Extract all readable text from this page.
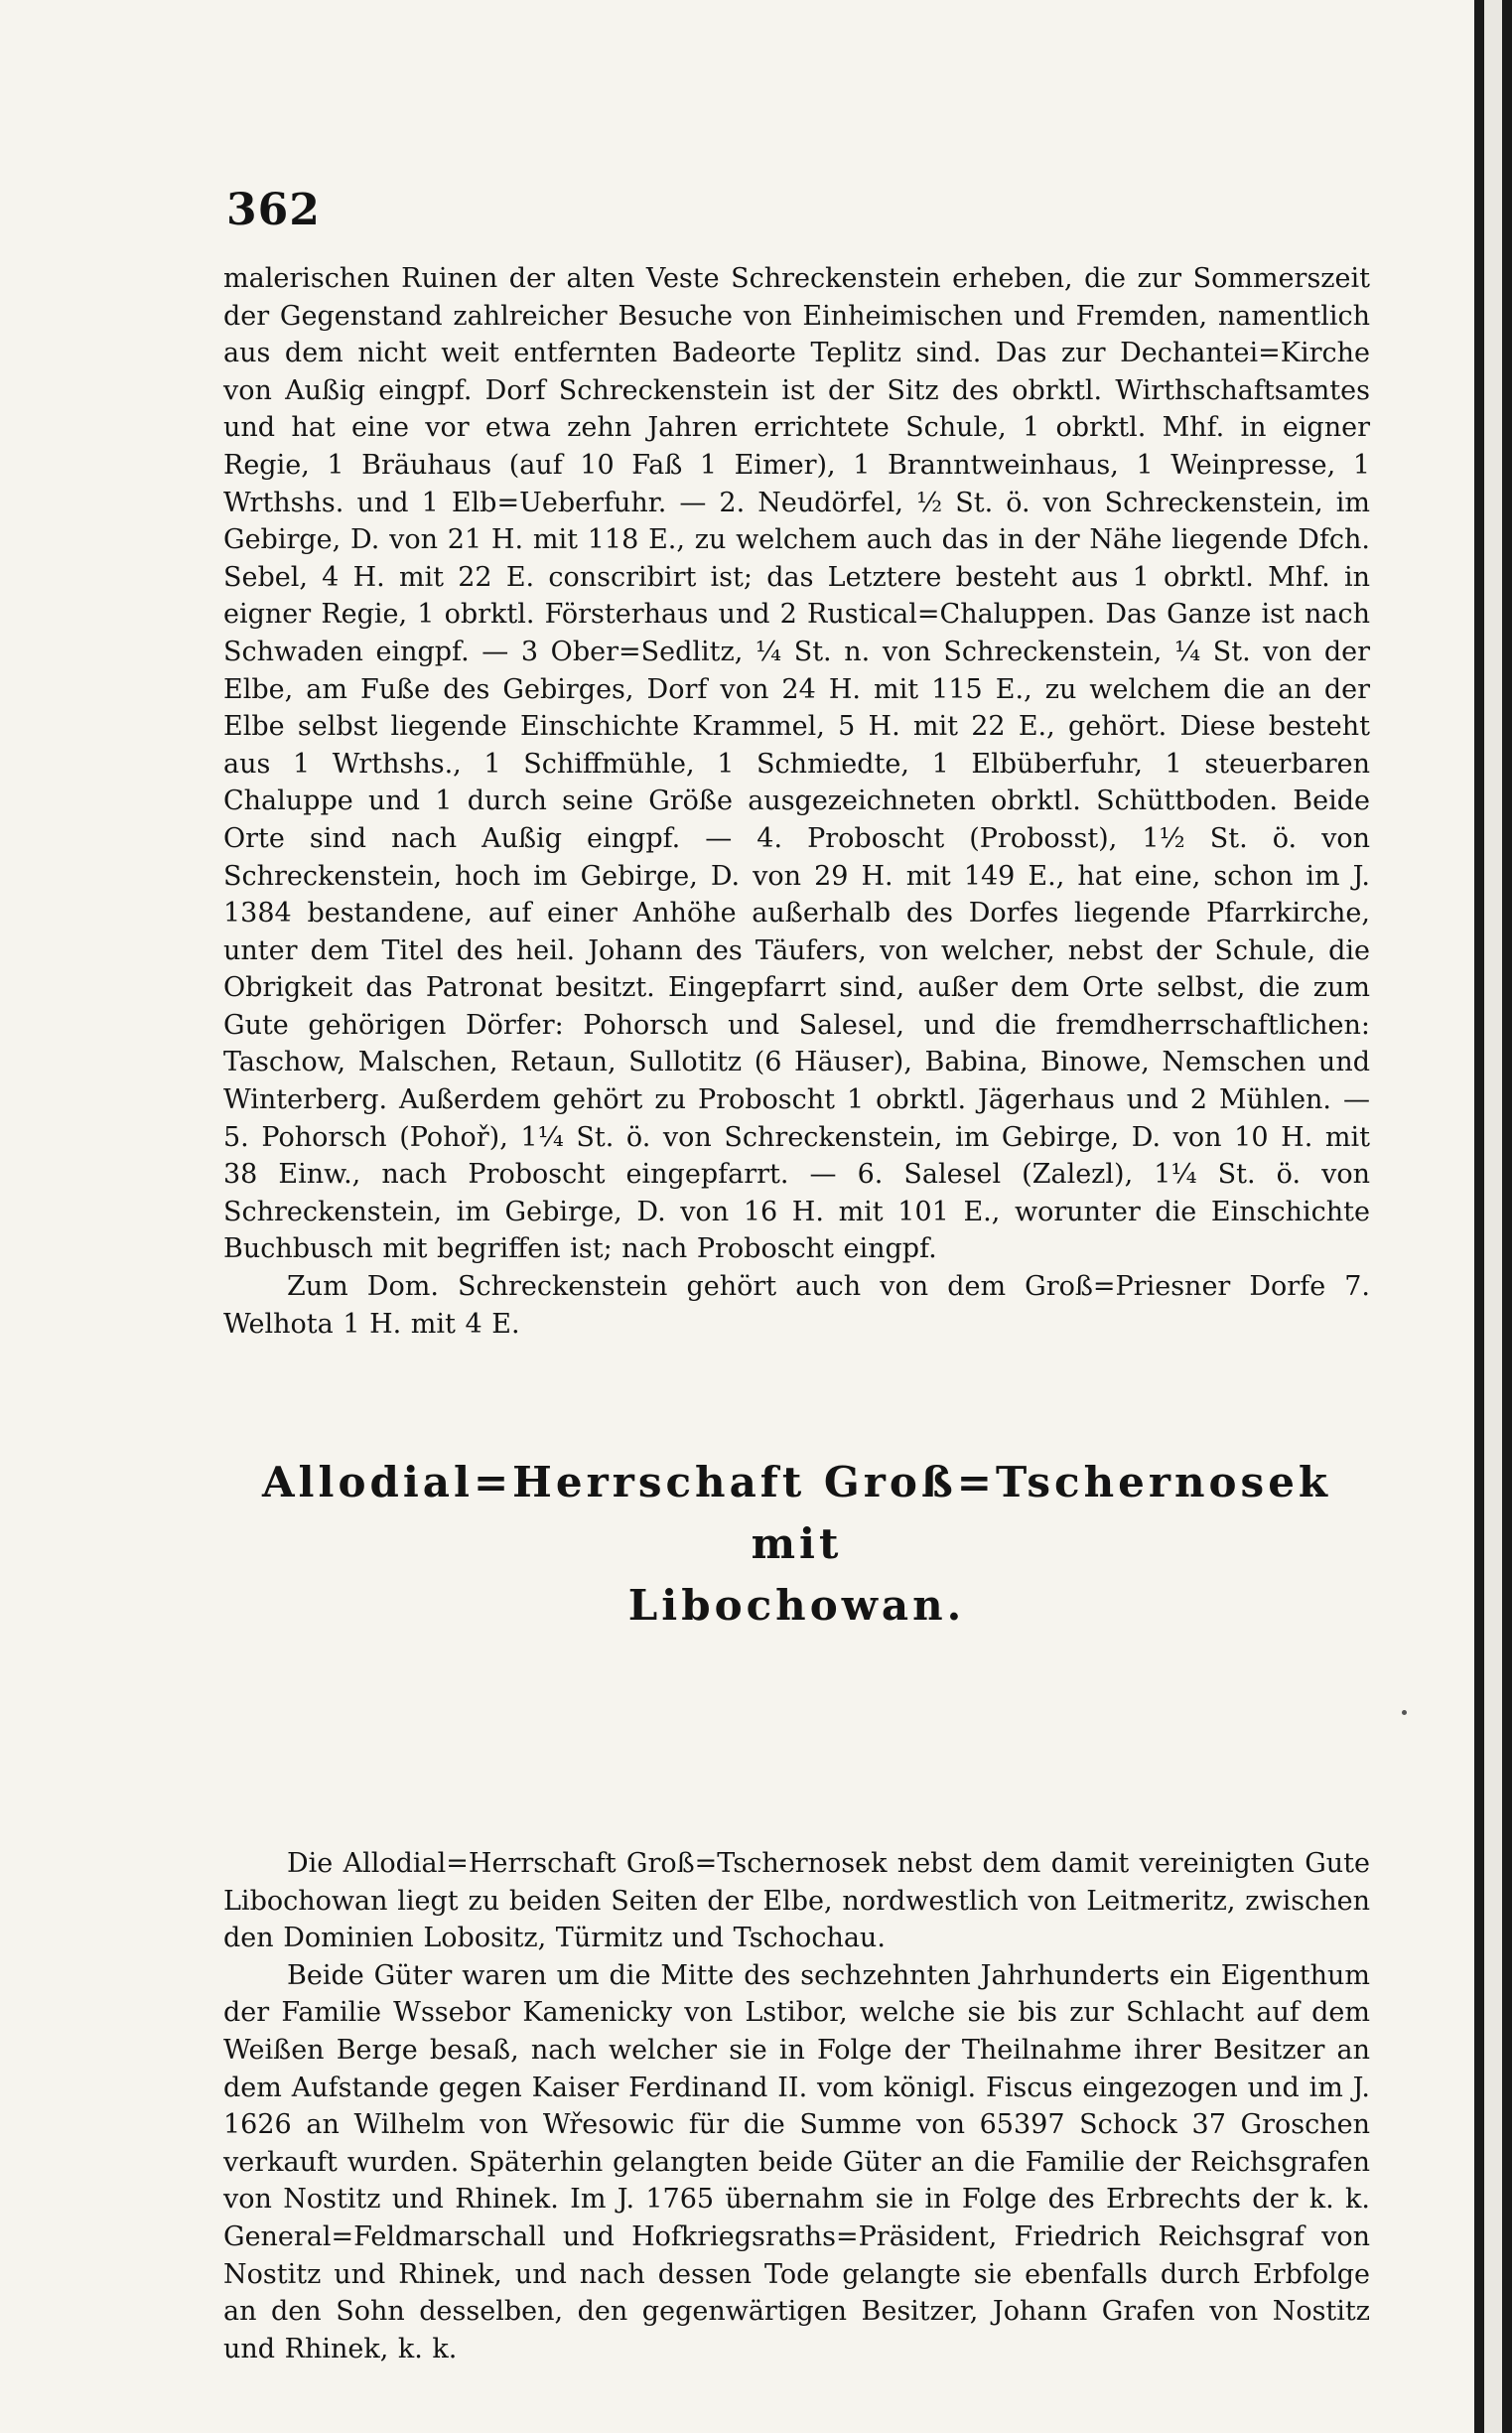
362

malerischen Ruinen der alten Veste Schreckenstein erheben, die zur Sommerszeit der Gegenstand zahlreicher Besuche von Einheimischen und Fremden, namentlich aus dem nicht weit entfernten Badeorte Teplitz sind. Das zur Dechantei=Kirche von Außig eingpf. Dorf Schreckenstein ist der Sitz des obrktl. Wirthschaftsamtes und hat eine vor etwa zehn Jahren errichtete Schule, 1 obrktl. Mhf. in eigner Regie, 1 Bräuhaus (auf 10 Faß 1 Eimer), 1 Branntweinhaus, 1 Weinpresse, 1 Wrthshs. und 1 Elb=Ueberfuhr. — 2. Neudörfel, ½ St. ö. von Schreckenstein, im Gebirge, D. von 21 H. mit 118 E., zu welchem auch das in der Nähe liegende Dfch. Sebel, 4 H. mit 22 E. conscribirt ist; das Letztere besteht aus 1 obrktl. Mhf. in eigner Regie, 1 obrktl. Försterhaus und 2 Rustical=Chaluppen. Das Ganze ist nach Schwaden eingpf. — 3 Ober=Sedlitz, ¼ St. n. von Schreckenstein, ¼ St. von der Elbe, am Fuße des Gebirges, Dorf von 24 H. mit 115 E., zu welchem die an der Elbe selbst liegende Einschichte Krammel, 5 H. mit 22 E., gehört. Diese besteht aus 1 Wrthshs., 1 Schiffmühle, 1 Schmiedte, 1 Elbüberfuhr, 1 steuerbaren Chaluppe und 1 durch seine Größe ausgezeichneten obrktl. Schüttboden. Beide Orte sind nach Außig eingpf. — 4. Proboscht (Probosst), 1½ St. ö. von Schreckenstein, hoch im Gebirge, D. von 29 H. mit 149 E., hat eine, schon im J. 1384 bestandene, auf einer Anhöhe außerhalb des Dorfes liegende Pfarrkirche, unter dem Titel des heil. Johann des Täufers, von welcher, nebst der Schule, die Obrigkeit das Patronat besitzt. Eingepfarrt sind, außer dem Orte selbst, die zum Gute gehörigen Dörfer: Pohorsch und Salesel, und die fremdherrschaftlichen: Taschow, Malschen, Retaun, Sullotitz (6 Häuser), Babina, Binowe, Nemschen und Winterberg. Außerdem gehört zu Proboscht 1 obrktl. Jägerhaus und 2 Mühlen. — 5. Pohorsch (Pohoř), 1¼ St. ö. von Schreckenstein, im Gebirge, D. von 10 H. mit 38 Einw., nach Proboscht eingepfarrt. — 6. Salesel (Zalezl), 1¼ St. ö. von Schreckenstein, im Gebirge, D. von 16 H. mit 101 E., worunter die Einschichte Buchbusch mit begriffen ist; nach Proboscht eingpf.

Zum Dom. Schreckenstein gehört auch von dem Groß=Priesner Dorfe 7. Welhota 1 H. mit 4 E.

Allodial=Herrschaft Groß=Tschernosek mit
Libochowan.

Die Allodial=Herrschaft Groß=Tschernosek nebst dem damit vereinigten Gute Libochowan liegt zu beiden Seiten der Elbe, nordwestlich von Leitmeritz, zwischen den Dominien Lobositz, Türmitz und Tschochau.

Beide Güter waren um die Mitte des sechzehnten Jahrhunderts ein Eigenthum der Familie Wssebor Kamenicky von Lstibor, welche sie bis zur Schlacht auf dem Weißen Berge besaß, nach welcher sie in Folge der Theilnahme ihrer Besitzer an dem Aufstande gegen Kaiser Ferdinand II. vom königl. Fiscus eingezogen und im J. 1626 an Wilhelm von Wřesowic für die Summe von 65397 Schock 37 Groschen verkauft wurden. Späterhin gelangten beide Güter an die Familie der Reichsgrafen von Nostitz und Rhinek. Im J. 1765 übernahm sie in Folge des Erbrechts der k. k. General=Feldmarschall und Hofkriegsraths=Präsident, Friedrich Reichsgraf von Nostitz und Rhinek, und nach dessen Tode gelangte sie ebenfalls durch Erbfolge an den Sohn desselben, den gegenwärtigen Besitzer, Johann Grafen von Nostitz und Rhinek, k. k.
